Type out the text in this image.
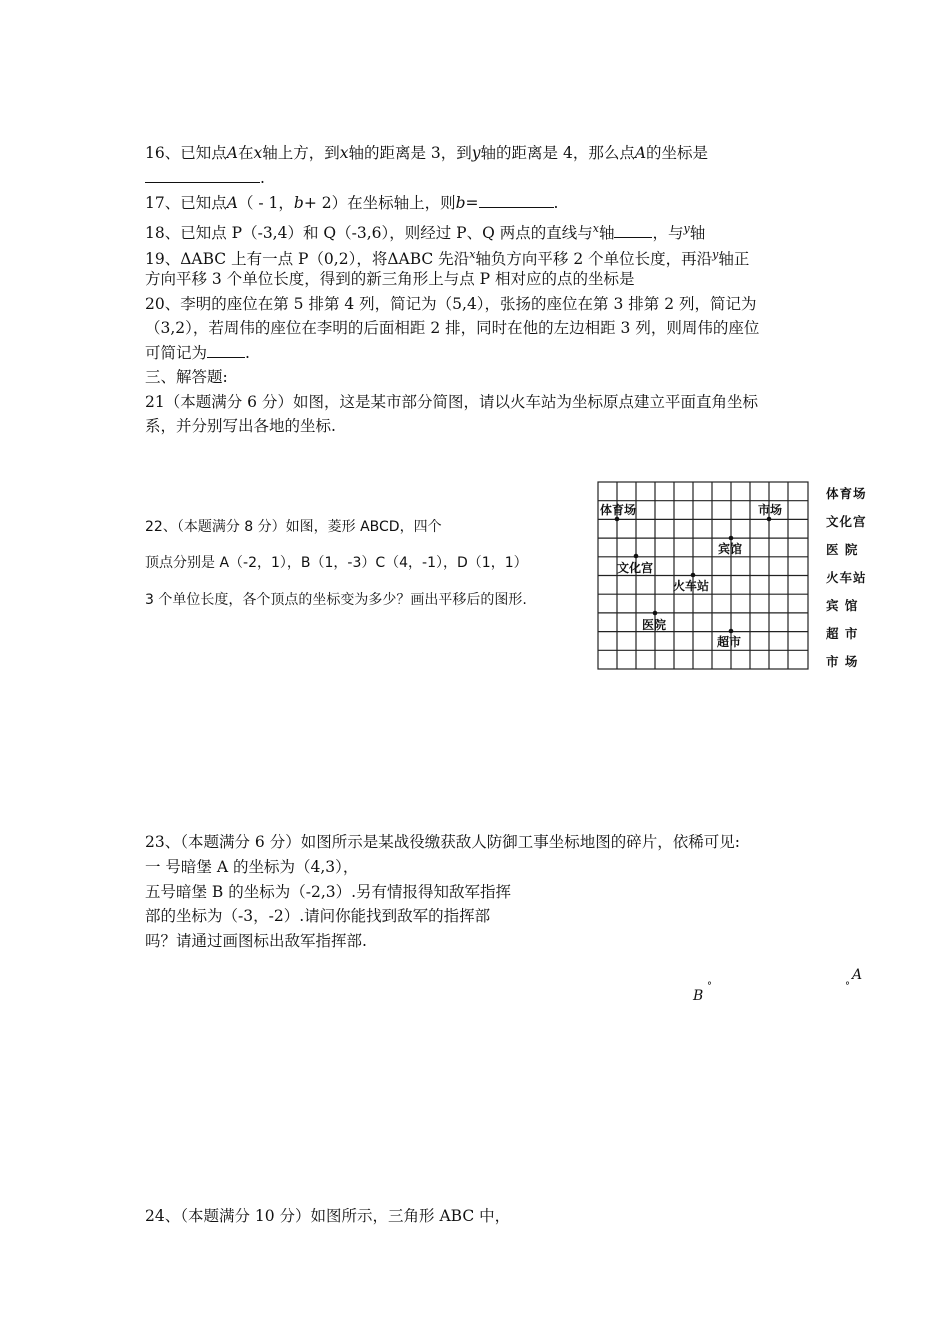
16、已知点A在x轴上方，到x轴的距离是 3，到y轴的距离是 4，那么点A的坐标是
.
17、已知点A（ - 1，b+ 2）在坐标轴上，则b=	.
18、已知点 P（-3,4）和 Q（-3,6），则经过 P、Q 两点的直线与$^x$轴 ，与$^y$轴
19、ΔABC 上有一点 P（0,2），将ΔABC 先沿$^x$轴负方向平移 2 个单位长度，再沿$^y$轴正
方向平移 3 个单位长度，得到的新三角形上与点 P 相对应的点的坐标是
20、李明的座位在第 5 排第 4 列，简记为（5,4），张扬的座位在第 3 排第 2 列，简记为
（3,2），若周伟的座位在李明的后面相距 2 排，同时在他的左边相距 3 列，则周伟的座位
可简记为 .
三、解答题:
21（本题满分 6 分）如图，这是某市部分简图，请以火车站为坐标原点建立平面直角坐标
系，并分别写出各地的坐标.
22、（本题满分 8 分）如图，菱形 ABCD，四个
顶点分别是 A（-2，1），B（1，-3）C（4，-1），D（1，1）
3 个单位长度，各个顶点的坐标变为多少？画出平移后的图形.
体育场	市场
宾馆
文化宫
火车站
医院
超市
体育场
文化宫
医 院
火车站
宾 馆
超 市
市 场
23、（本题满分 6 分）如图所示是某战役缴获敌人防御工事坐标地图的碎片，依稀可见:
一 号暗堡 A 的坐标为（4,3），
五号暗堡 B 的坐标为（-2,3）.另有情报得知敌军指挥
部的坐标为（-3，-2）.请问你能找到敌军的指挥部
吗？请通过画图标出敌军指挥部.
°
B
°
A
24、（本题满分 10 分）如图所示，三角形 ABC 中，
